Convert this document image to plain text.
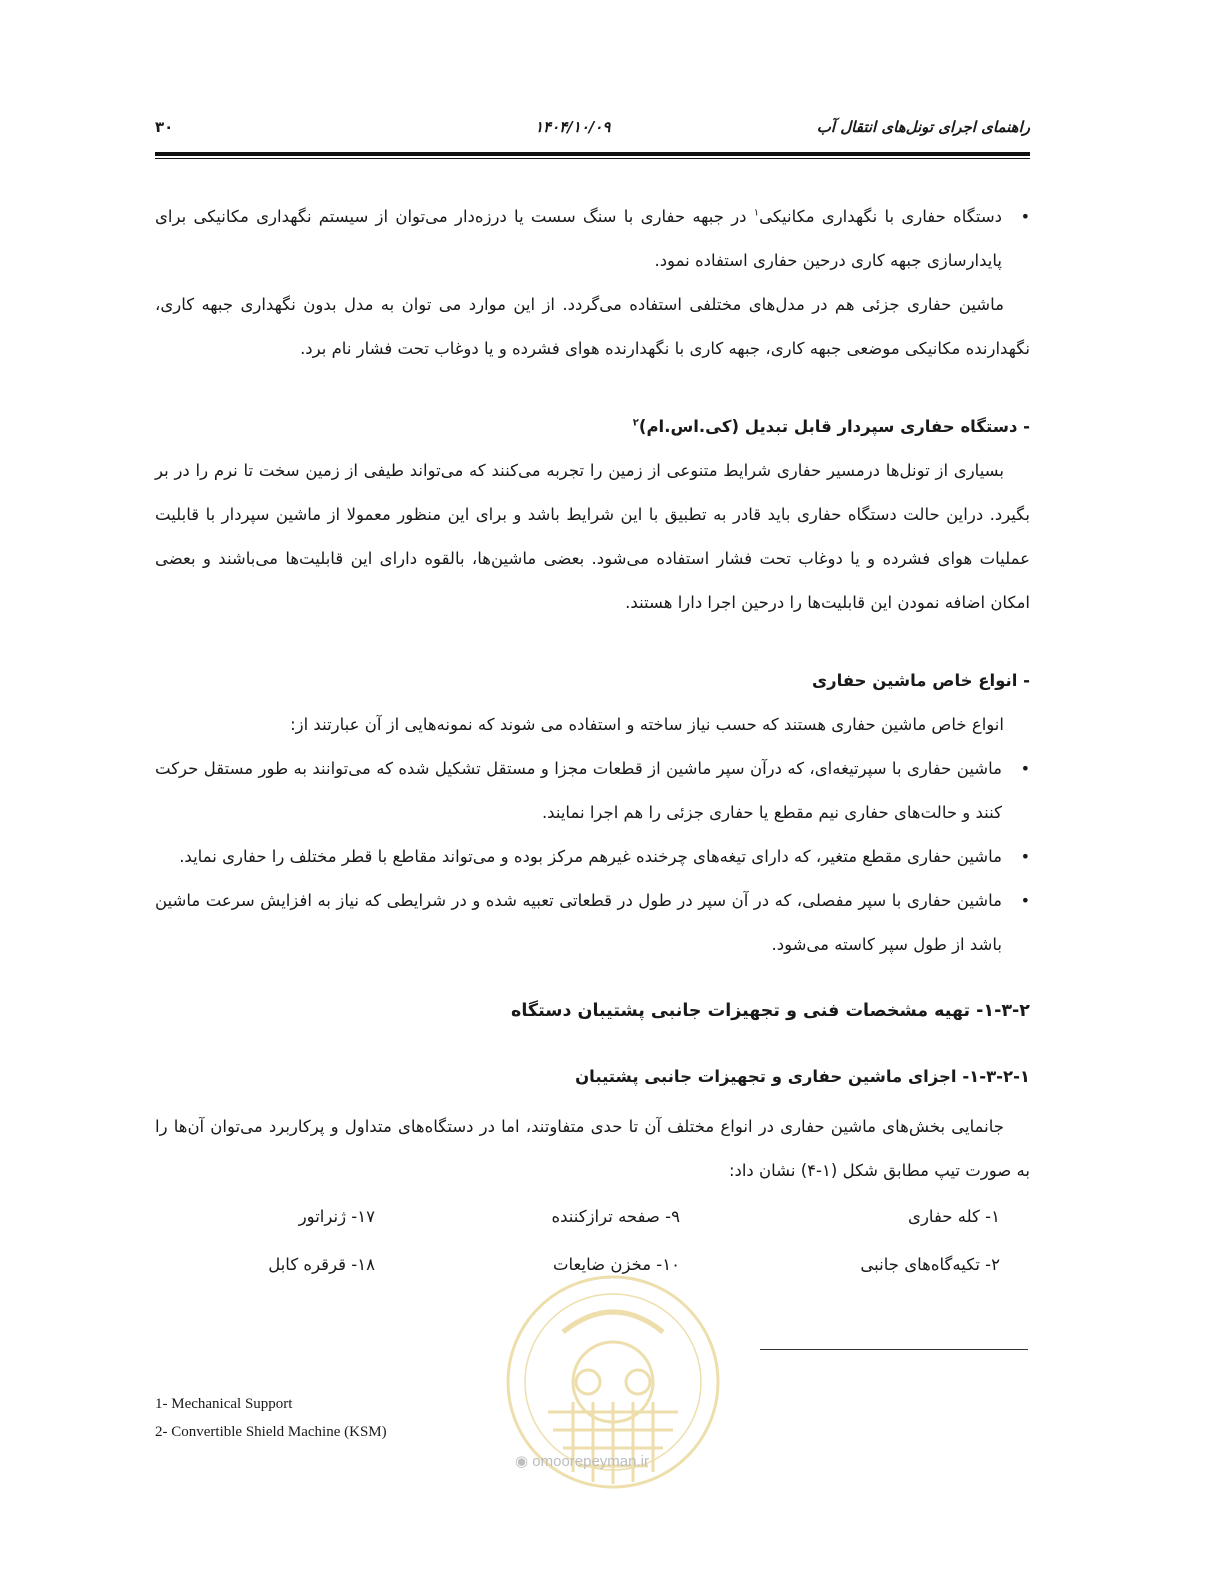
راهنمای اجرای تونل‌های انتقال آب
۱۴۰۴/۱۰/۰۹
۳۰
• دستگاه حفاری با نگهداری مکانیکی$^۱$ در جبهه حفاری با سنگ سست یا درزه‌دار می‌توان از سیستم نگهداری مکانیکی برای پایدارسازی جبهه کاری درحین حفاری استفاده نمود.

ماشین حفاری جزئی هم در مدل‌های مختلفی استفاده می‌گردد. از این موارد می توان به مدل بدون نگهداری جبهه کاری، نگهدارنده مکانیکی موضعی جبهه کاری، جبهه کاری با نگهدارنده هوای فشرده و یا دوغاب تحت فشار نام برد.

- دستگاه حفاری سپردار قابل تبدیل (کی.اس.ام)$^۲$

بسیاری از تونل‌ها درمسیر حفاری شرایط متنوعی از زمین را تجربه می‌کنند که می‌تواند طیفی از زمین سخت تا نرم را در بر بگیرد. دراین حالت دستگاه حفاری باید قادر به تطبیق با این شرایط باشد و برای این منظور معمولا از ماشین سپردار با قابلیت عملیات هوای فشرده و یا دوغاب تحت فشار استفاده می‌شود. بعضی ماشین‌ها، بالقوه دارای این قابلیت‌ها می‌باشند و بعضی امکان اضافه نمودن این قابلیت‌ها را درحین اجرا دارا هستند.

- انواع خاص ماشین حفاری

انواع خاص ماشین حفاری هستند که حسب نیاز ساخته و استفاده می شوند که نمونه‌هایی از آن عبارتند از:

• ماشین حفاری با سپرتیغه‌ای، که درآن سپر ماشین از قطعات مجزا و مستقل تشکیل شده که می‌توانند به طور مستقل حرکت کنند و حالت‌های حفاری نیم مقطع یا حفاری جزئی را هم اجرا نمایند.
• ماشین حفاری مقطع متغیر، که دارای تیغه‌های چرخنده غیرهم مرکز بوده و می‌تواند مقاطع با قطر مختلف را حفاری نماید.
• ماشین حفاری با سپر مفصلی، که در آن سپر در طول در قطعاتی تعبیه شده و در شرایطی که نیاز به افزایش سرعت ماشین باشد از طول سپر کاسته می‌شود.

۱-۳-۲- تهیه مشخصات فنی و تجهیزات جانبی پشتیبان دستگاه

۱-۳-۲-۱- اجزای ماشین حفاری و تجهیزات جانبی پشتیبان

جانمایی بخش‌های ماشین حفاری در انواع مختلف آن تا حدی متفاوتند، اما در دستگاه‌های متداول و پرکاربرد می‌توان آن‌ها را به صورت تیپ مطابق شکل (۱-۴) نشان داد:

۱- کله حفاری
۲- تکیه‌گاه‌های جانبی
۹- صفحه ترازکننده
۱۰- مخزن ضایعات
۱۷- ژنراتور
۱۸- قرقره کابل
◉ omoorepeyman.ir
1- Mechanical Support
2- Convertible Shield Machine (KSM)
